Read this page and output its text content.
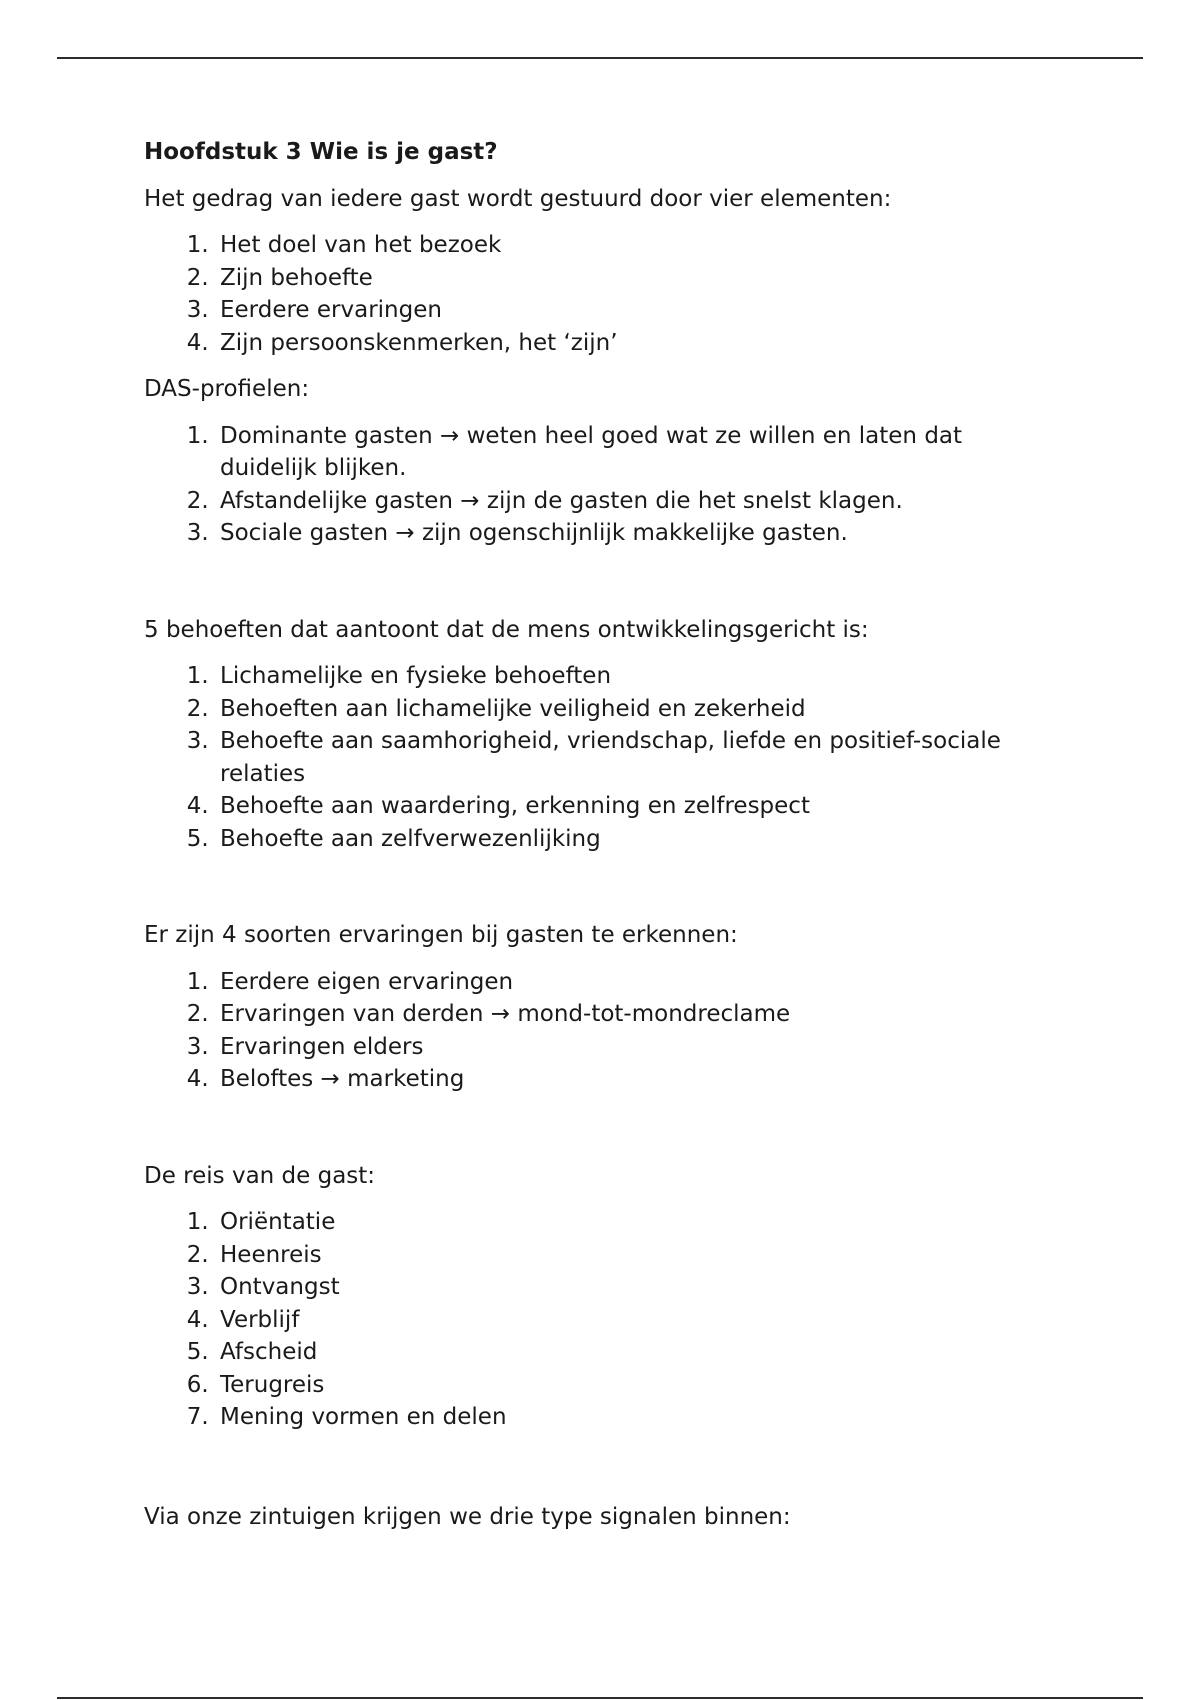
Hoofdstuk 3 Wie is je gast?

Het gedrag van iedere gast wordt gestuurd door vier elementen:

1. Het doel van het bezoek
2. Zijn behoefte
3. Eerdere ervaringen
4. Zijn persoonskenmerken, het ‘zijn’

DAS-profielen:

1. Dominante gasten → weten heel goed wat ze willen en laten dat duidelijk blijken.
2. Afstandelijke gasten → zijn de gasten die het snelst klagen.
3. Sociale gasten → zijn ogenschijnlijk makkelijke gasten.

5 behoeften dat aantoont dat de mens ontwikkelingsgericht is:

1. Lichamelijke en fysieke behoeften
2. Behoeften aan lichamelijke veiligheid en zekerheid
3. Behoefte aan saamhorigheid, vriendschap, liefde en positief-sociale relaties
4. Behoefte aan waardering, erkenning en zelfrespect
5. Behoefte aan zelfverwezenlijking

Er zijn 4 soorten ervaringen bij gasten te erkennen:

1. Eerdere eigen ervaringen
2. Ervaringen van derden → mond-tot-mondreclame
3. Ervaringen elders
4. Beloftes → marketing

De reis van de gast:

1. Oriëntatie
2. Heenreis
3. Ontvangst
4. Verblijf
5. Afscheid
6. Terugreis
7. Mening vormen en delen

Via onze zintuigen krijgen we drie type signalen binnen:
